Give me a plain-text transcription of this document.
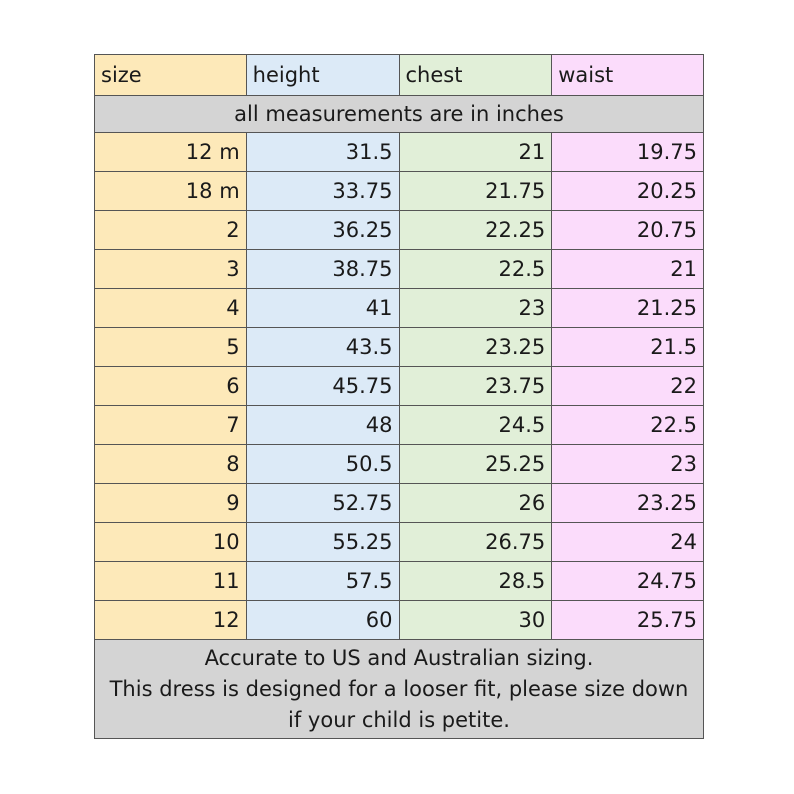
size	height	chest	waist
all measurements are in inches			
12 m	31.5	21	19.75
18 m	33.75	21.75	20.25
2	36.25	22.25	20.75
3	38.75	22.5	21
4	41	23	21.25
5	43.5	23.25	21.5
6	45.75	23.75	22
7	48	24.5	22.5
8	50.5	25.25	23
9	52.75	26	23.25
10	55.25	26.75	24
11	57.5	28.5	24.75
12	60	30	25.75

Accurate to US and Australian sizing.
This dress is designed for a looser fit, please size down
if your child is petite.			
